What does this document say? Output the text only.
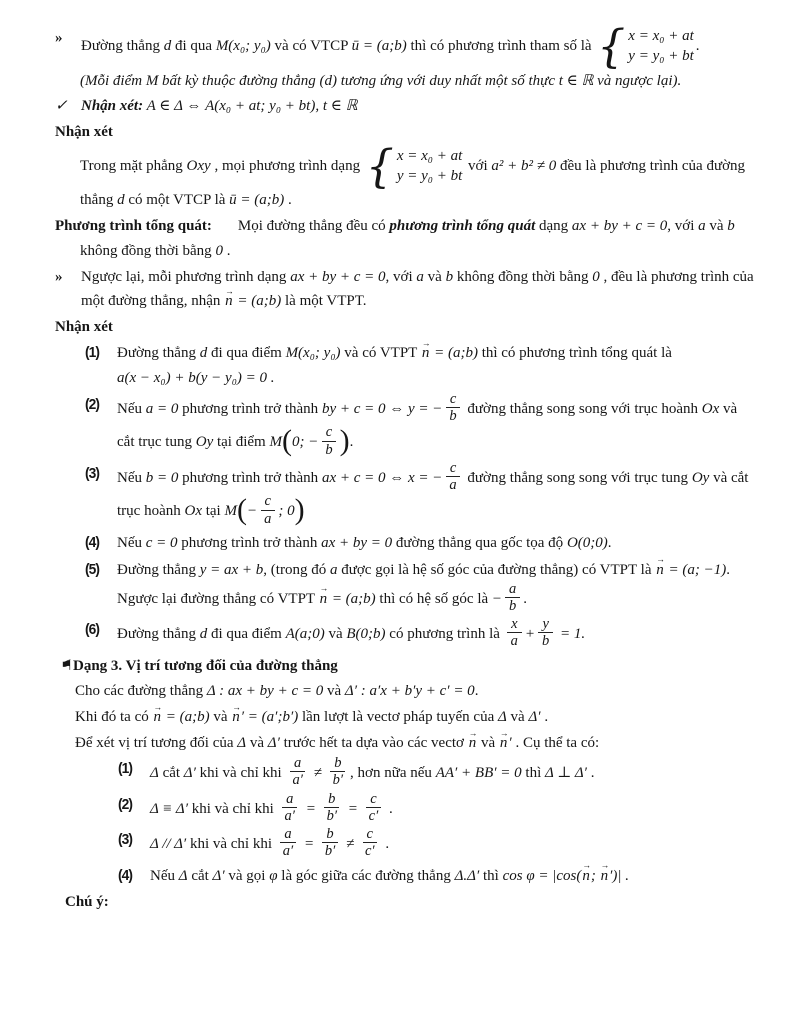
»
Đường thẳng d đi qua M(x₀; y₀) và có VTCP ū = (a;b) thì có phương trình tham số là { x = x₀ + at
y = y₀ + bt
.
(Mỗi điểm M bất kỳ thuộc đường thẳng (d) tương ứng với duy nhất một số thực t ∈ ℝ và ngược lại).
✓ Nhận xét: A ∈ Δ ⇔ A(x₀ + at; y₀ + bt), t ∈ ℝ
Nhận xét
Trong mặt phẳng Oxy , mọi phương trình dạng { x = x₀ + at
y = y₀ + bt
với a² + b² ≠ 0 đều là phương trình của đường thẳng d có một VTCP là ū = (a;b) .
Phương trình tổng quát: Mọi đường thẳng đều có phương trình tổng quát dạng ax + by + c = 0, với a và b không đồng thời bằng 0 .
»	Ngược lại, mỗi phương trình dạng ax + by + c = 0, với a và b không đồng thời bằng 0 , đều là phương trình của một đường thẳng, nhận n → = (a;b) là một VTPT.
Nhận xét
(1)	Đường thẳng d đi qua điểm M(x₀; y₀) và có VTPT n → = (a;b) thì có phương trình tổng quát là
a(x − x₀) + b(y − y₀) = 0 .
(2)	Nếu a = 0 phương trình trở thành by + c = 0 ⇔ y = − $\frac{c}{b}$ đường thẳng song song với trục hoành Ox và
cắt trục tung Oy tại điểm M(0; − $\frac{c}{b}$ ).
(3)	Nếu b = 0 phương trình trở thành ax + c = 0 ⇔ x = − $\frac{c}{a}$ đường thẳng song song với trục tung Oy và cắt
trục hoành Ox tại $M(- \frac{c}{a}$ ; 0)
(4)	Nếu c = 0 phương trình trở thành ax + by = 0 đường thẳng qua gốc tọa độ O(0;0).
(5)	Đường thẳng y = ax + b, (trong đó a được gọi là hệ số góc của đường thẳng) có VTPT là n → = (a; −1).
Ngược lại đường thẳng có VTPT n → = (a;b) thì có hệ số góc là − $\frac{a}{b}$ .
(6)	Đường thẳng d đi qua điểm A(a;0) và B(0;b) có phương trình là $\frac{x}{a} + \frac{y}{b} = 1$.
⚑ Dạng 3. Vị trí tương đối của đường thẳng
Cho các đường thẳng Δ : ax + by + c = 0 và Δ′ : a′x + b′y + c′ = 0.
Khi đó ta có n → = (a;b) và n →′ = (a′;b′) lần lượt là vectơ pháp tuyến của Δ và Δ′ .
Để xét vị trí tương đối của Δ và Δ′ trước hết ta dựa vào các vectơ n → và n →′ . Cụ thể ta có:
(1)	Δ cắt Δ′ khi và chỉ khi $\frac{a}{a'} \ne \frac{b}{b'}$ , hơn nữa nếu AA′ + BB′ = 0 thì Δ ⊥ Δ′ .
(2)	Δ ≡ Δ′ khi và chỉ khi $\frac{a}{a'} = \frac{b}{b'} = \frac{c}{c'}$ .
(3)	Δ // Δ′ khi và chỉ khi $\frac{a}{a'} = \frac{b}{b'} \ne \frac{c}{c'}$ .
(4)	Nếu Δ cắt Δ′ và gọi φ là góc giữa các đường thẳng Δ.Δ′ thì cos φ = |cos(n →; n →′)| .
Chú ý:
